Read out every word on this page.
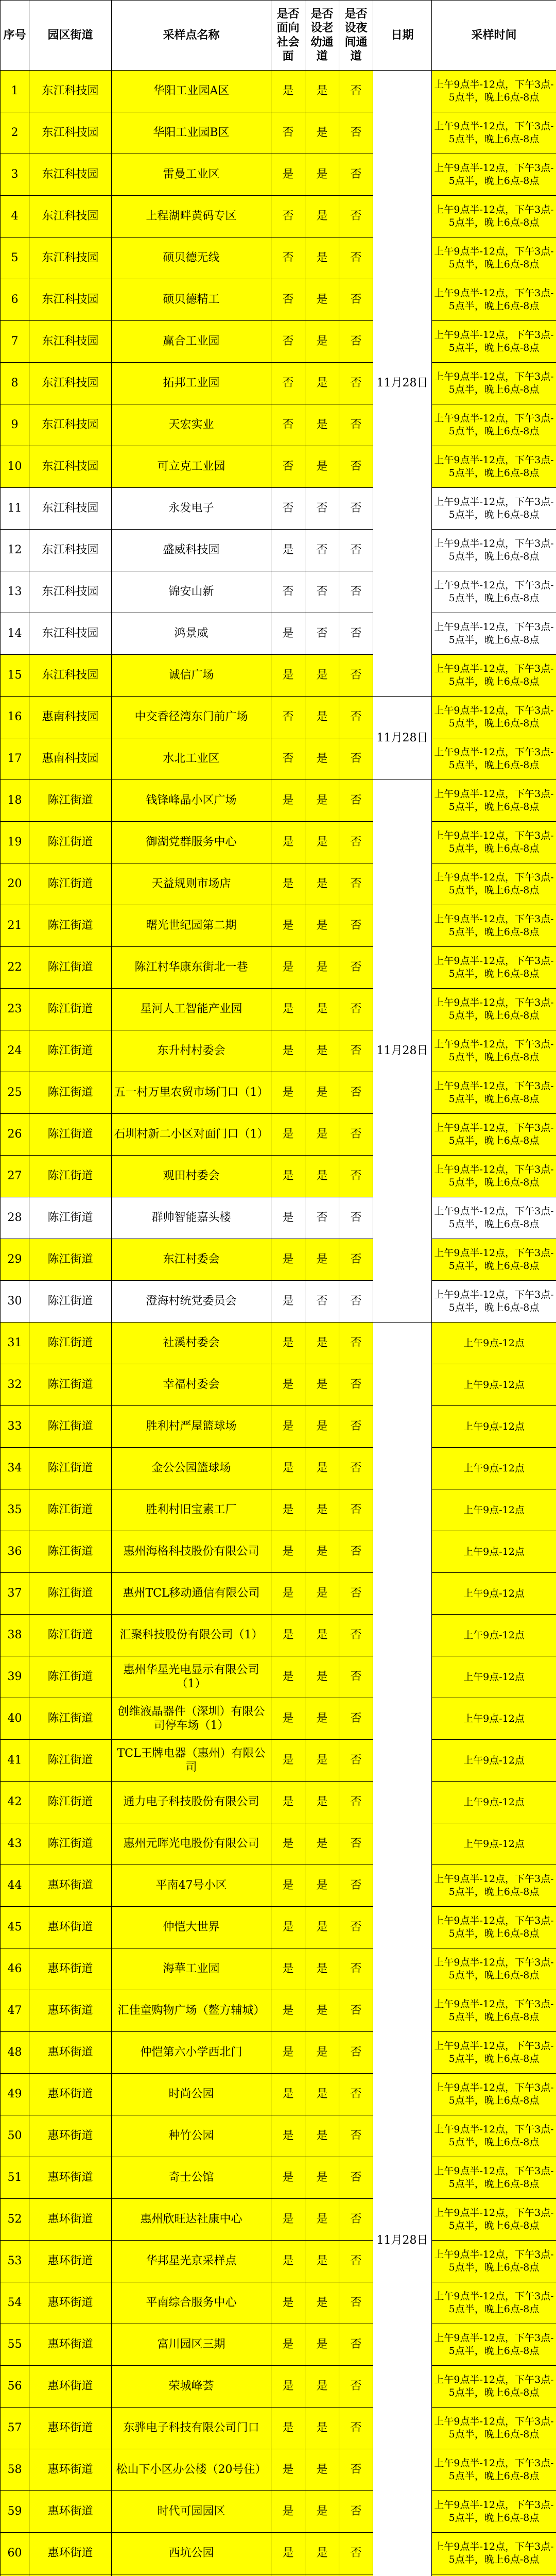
序号	园区街道	采样点名称	是否面向社会面	是否设老幼通道	是否设夜间通道	日期	采样时间
1	东江科技园	华阳工业园A区	是	是	否	11月28日	上午9点半-12点，下午3点-5点半，晚上6点-8点
2	东江科技园	华阳工业园B区	否	是	否		上午9点半-12点，下午3点-5点半，晚上6点-8点
3	东江科技园	雷曼工业区	是	是	否		上午9点半-12点，下午3点-5点半，晚上6点-8点
4	东江科技园	上程湖畔黄码专区	否	是	否		上午9点半-12点，下午3点-5点半，晚上6点-8点
5	东江科技园	硕贝德无线	否	是	否		上午9点半-12点，下午3点-5点半，晚上6点-8点
6	东江科技园	硕贝德精工	否	是	否		上午9点半-12点，下午3点-5点半，晚上6点-8点
7	东江科技园	赢合工业园	否	是	否		上午9点半-12点，下午3点-5点半，晚上6点-8点
8	东江科技园	拓邦工业园	否	是	否		上午9点半-12点，下午3点-5点半，晚上6点-8点
9	东江科技园	天宏实业	否	是	否		上午9点半-12点，下午3点-5点半，晚上6点-8点
10	东江科技园	可立克工业园	否	是	否		上午9点半-12点，下午3点-5点半，晚上6点-8点
11	东江科技园	永发电子	否	否	否		上午9点半-12点，下午3点-5点半，晚上6点-8点
12	东江科技园	盛威科技园	是	否	否		上午9点半-12点，下午3点-5点半，晚上6点-8点
13	东江科技园	锦安山新	否	否	否		上午9点半-12点，下午3点-5点半，晚上6点-8点
14	东江科技园	鸿景威	是	否	否		上午9点半-12点，下午3点-5点半，晚上6点-8点
15	东江科技园	诚信广场	是	是	否		上午9点半-12点，下午3点-5点半，晚上6点-8点
16	惠南科技园	中交香径湾东门前广场	否	是	否	11月28日	上午9点半-12点，下午3点-5点半，晚上6点-8点
17	惠南科技园	水北工业区	否	是	否		上午9点半-12点，下午3点-5点半，晚上6点-8点
18	陈江街道	钱锋峰晶小区广场	是	是	否	11月28日	上午9点半-12点，下午3点-5点半，晚上6点-8点
19	陈江街道	御湖党群服务中心	是	是	否		上午9点半-12点，下午3点-5点半，晚上6点-8点
20	陈江街道	天益规则市场店	是	是	否		上午9点半-12点，下午3点-5点半，晚上6点-8点
21	陈江街道	曙光世纪园第二期	是	是	否		上午9点半-12点，下午3点-5点半，晚上6点-8点
22	陈江街道	陈江村华康东街北一巷	是	是	否		上午9点半-12点，下午3点-5点半，晚上6点-8点
23	陈江街道	星河人工智能产业园	是	是	否		上午9点半-12点，下午3点-5点半，晚上6点-8点
24	陈江街道	东升村村委会	是	是	否		上午9点半-12点，下午3点-5点半，晚上6点-8点
25	陈江街道	五一村万里农贸市场门口（1）	是	是	否		上午9点半-12点，下午3点-5点半，晚上6点-8点
26	陈江街道	石圳村新二小区对面门口（1）	是	是	否		上午9点半-12点，下午3点-5点半，晚上6点-8点
27	陈江街道	观田村委会	是	是	否		上午9点半-12点，下午3点-5点半，晚上6点-8点
28	陈江街道	群帅智能嘉头楼	是	否	否		上午9点半-12点，下午3点-5点半，晚上6点-8点
29	陈江街道	东江村委会	是	是	否		上午9点半-12点，下午3点-5点半，晚上6点-8点
30	陈江街道	澄海村统党委员会	是	否	否		上午9点半-12点，下午3点-5点半，晚上6点-8点
31	陈江街道	社溪村委会	是	是	否	11月28日	上午9点-12点
32	陈江街道	幸福村委会	是	是	否		上午9点-12点
33	陈江街道	胜利村严屋篮球场	是	是	否		上午9点-12点
34	陈江街道	金公公园篮球场	是	是	否		上午9点-12点
35	陈江街道	胜利村旧宝素工厂	是	是	否		上午9点-12点
36	陈江街道	惠州海格科技股份有限公司	是	是	否		上午9点-12点
37	陈江街道	惠州TCL移动通信有限公司	是	是	否		上午9点-12点
38	陈江街道	汇聚科技股份有限公司（1）	是	是	否		上午9点-12点
39	陈江街道	惠州华星光电显示有限公司（1）	是	是	否		上午9点-12点
40	陈江街道	创维液晶器件（深圳）有限公司停车场（1）	是	是	否		上午9点-12点
41	陈江街道	TCL王牌电器（惠州）有限公司	是	是	否		上午9点-12点
42	陈江街道	通力电子科技股份有限公司	是	是	否		上午9点-12点
43	陈江街道	惠州元晖光电股份有限公司	是	是	否		上午9点-12点
44	惠环街道	平南47号小区	是	是	否		上午9点半-12点，下午3点-5点半，晚上6点-8点
45	惠环街道	仲恺大世界	是	是	否		上午9点半-12点，下午3点-5点半，晚上6点-8点
46	惠环街道	海華工业园	是	是	否		上午9点半-12点，下午3点-5点半，晚上6点-8点
47	惠环街道	汇佳童购物广场（鳌方辅城）	是	是	否		上午9点半-12点，下午3点-5点半，晚上6点-8点
48	惠环街道	仲恺第六小学西北门	是	是	否		上午9点半-12点，下午3点-5点半，晚上6点-8点
49	惠环街道	时尚公园	是	是	否		上午9点半-12点，下午3点-5点半，晚上6点-8点
50	惠环街道	种竹公园	是	是	否		上午9点半-12点，下午3点-5点半，晚上6点-8点
51	惠环街道	奇士公馆	是	是	否		上午9点半-12点，下午3点-5点半，晚上6点-8点
52	惠环街道	惠州欣旺达社康中心	是	是	否		上午9点半-12点，下午3点-5点半，晚上6点-8点
53	惠环街道	华邦星光京采样点	是	是	否		上午9点半-12点，下午3点-5点半，晚上6点-8点
54	惠环街道	平南综合服务中心	是	是	否		上午9点半-12点，下午3点-5点半，晚上6点-8点
55	惠环街道	富川园区三期	是	是	否		上午9点半-12点，下午3点-5点半，晚上6点-8点
56	惠环街道	荣城峰荟	是	是	否		上午9点半-12点，下午3点-5点半，晚上6点-8点
57	惠环街道	东骅电子科技有限公司门口	是	是	否		上午9点半-12点，下午3点-5点半，晚上6点-8点
58	惠环街道	松山下小区办公楼（20号住）	是	是	否		上午9点半-12点，下午3点-5点半，晚上6点-8点
59	惠环街道	时代可园园区	是	是	否		上午9点半-12点，下午3点-5点半，晚上6点-8点
60	惠环街道	西坑公园	是	是	否		上午9点半-12点，下午3点-5点半，晚上6点-8点
